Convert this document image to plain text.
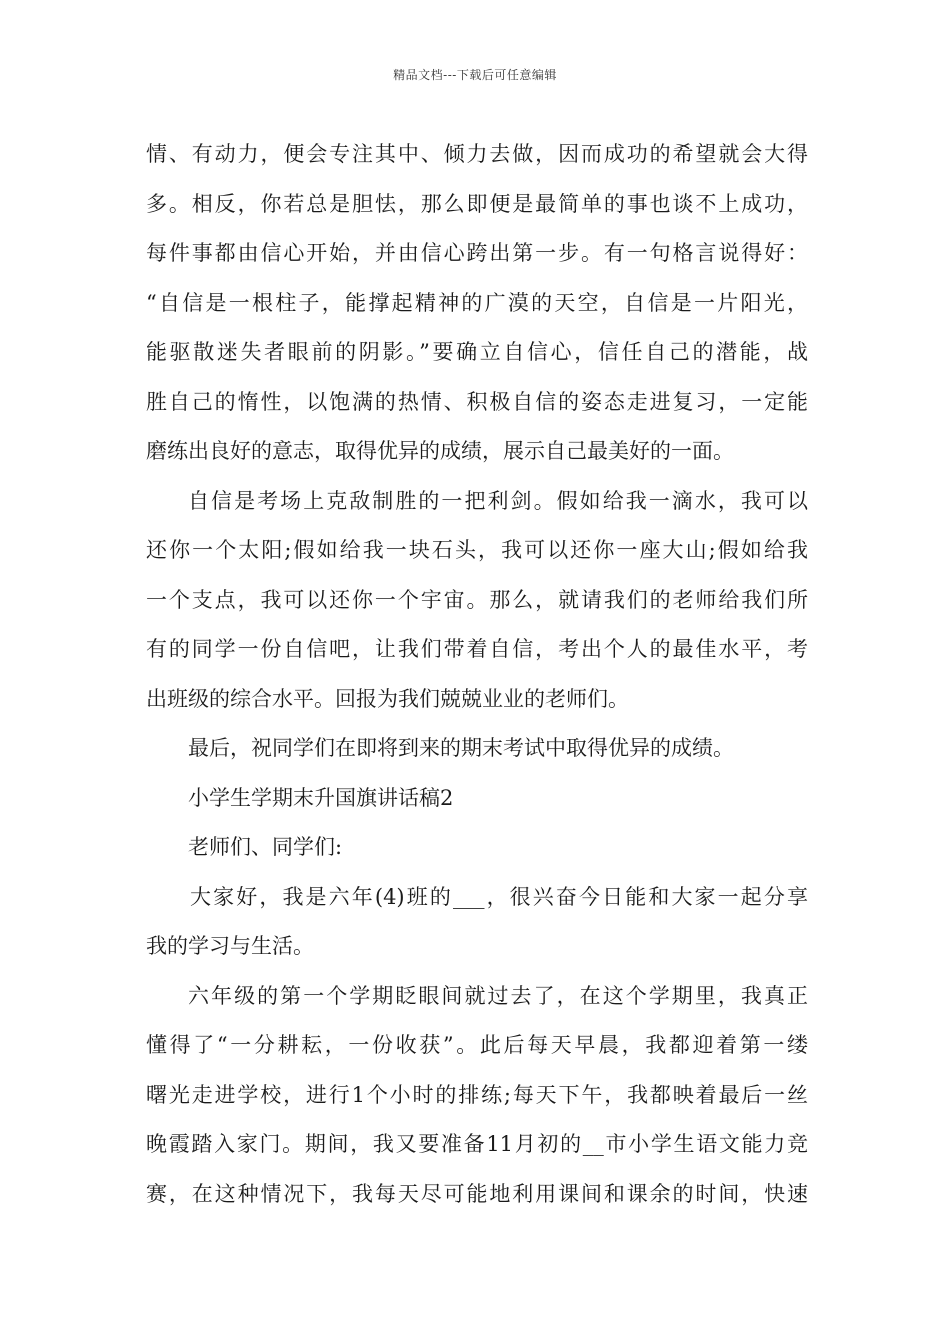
精品文档---下载后可任意编辑
情、有动力，便会专注其中、倾力去做，因而成功的希望就会大得
多。相反，你若总是胆怯，那么即便是最简单的事也谈不上成功，
每件事都由信心开始，并由信心跨出第一步。有一句格言说得好：
“自信是一根柱子，能撑起精神的广漠的天空，自信是一片阳光，
能驱散迷失者眼前的阴影。”要确立自信心，信任自己的潜能，战
胜自己的惰性，以饱满的热情、积极自信的姿态走进复习，一定能
磨练出良好的意志，取得优异的成绩，展示自己最美好的一面。
自信是考场上克敌制胜的一把利剑。假如给我一滴水，我可以
还你一个太阳;假如给我一块石头，我可以还你一座大山;假如给我
一个支点，我可以还你一个宇宙。那么，就请我们的老师给我们所
有的同学一份自信吧，让我们带着自信，考出个人的最佳水平，考
出班级的综合水平。回报为我们兢兢业业的老师们。
最后，祝同学们在即将到来的期末考试中取得优异的成绩。
小学生学期末升国旗讲话稿2
老师们、同学们:
大家好，我是六年(4)班的___，很兴奋今日能和大家一起分享
我的学习与生活。
六年级的第一个学期眨眼间就过去了，在这个学期里，我真正
懂得了“一分耕耘，一份收获”。此后每天早晨，我都迎着第一缕
曙光走进学校，进行1个小时的排练;每天下午，我都映着最后一丝
晚霞踏入家门。期间，我又要准备11月初的__市小学生语文能力竞
赛，在这种情况下，我每天尽可能地利用课间和课余的时间，快速
